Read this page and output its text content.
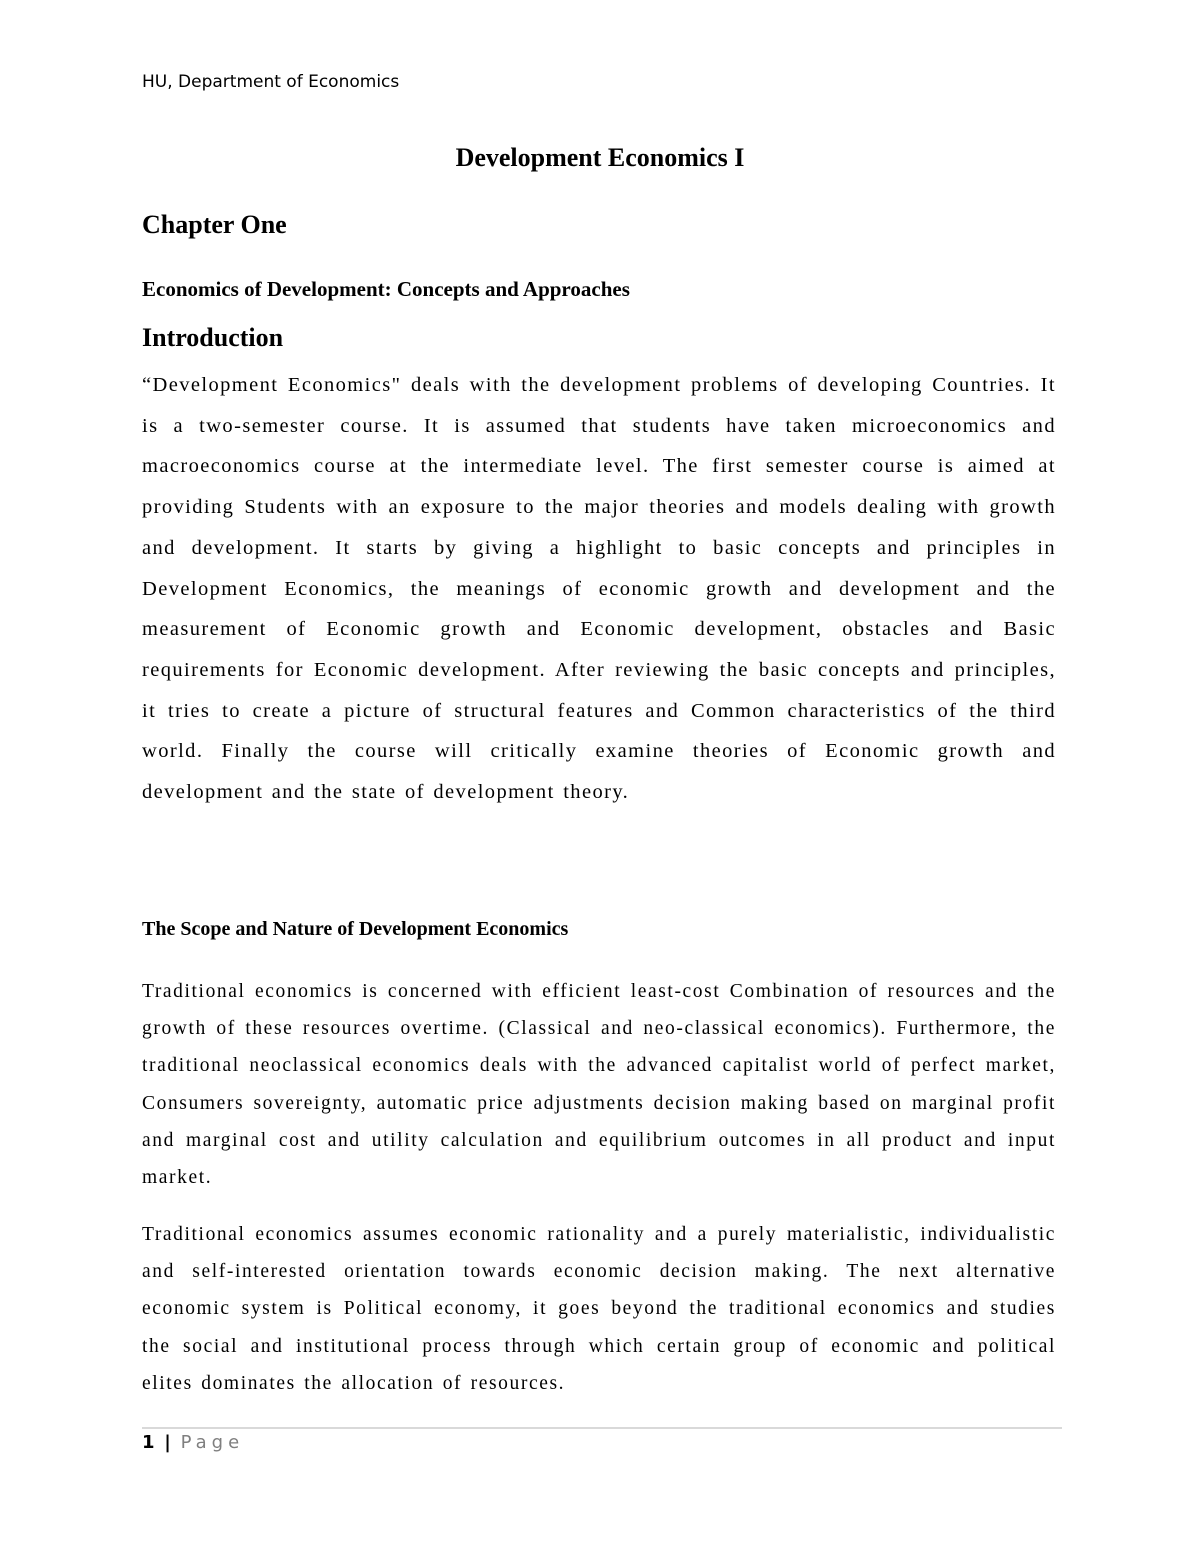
HU, Department of Economics
Development Economics I
Chapter One
Economics of Development: Concepts and Approaches
Introduction

“Development Economics" deals with the development problems of developing Countries. It is a two-semester course. It is assumed that students have taken microeconomics and macroeconomics course at the intermediate level. The first semester course is aimed at providing Students with an exposure to the major theories and models dealing with growth and development. It starts by giving a highlight to basic concepts and principles in Development Economics, the meanings of economic growth and development and the measurement of Economic growth and Economic development, obstacles and Basic requirements for Economic development. After reviewing the basic concepts and principles, it tries to create a picture of structural features and Common characteristics of the third world. Finally the course will critically examine theories of Economic growth and development and the state of development theory.

The Scope and Nature of Development Economics

Traditional economics is concerned with efficient least-cost Combination of resources and the growth of these resources overtime. (Classical and neo-classical economics). Furthermore, the traditional neoclassical economics deals with the advanced capitalist world of perfect market, Consumers sovereignty, automatic price adjustments decision making based on marginal profit and marginal cost and utility calculation and equilibrium outcomes in all product and input market.

Traditional economics assumes economic rationality and a purely materialistic, individualistic and self-interested orientation towards economic decision making. The next alternative economic system is Political economy, it goes beyond the traditional economics and studies the social and institutional process through which certain group of economic and political elites dominates the allocation of resources.

1 | Page
